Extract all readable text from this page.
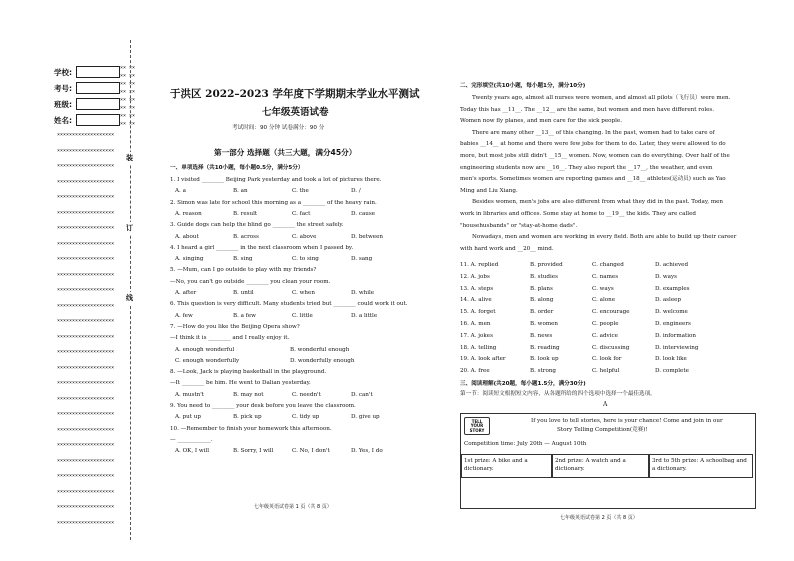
学校:
考号:
班级:
姓名:
×× ××
×× ××
×× ××
×× ××
×× ××
×× ××
×× ××
×× ××
装
订
线
×××××××××××××××××××
×××××××××××××××××××
×××××××××××××××××××
×××××××××××××××××××
×××××××××××××××××××
×××××××××××××××××××
×××××××××××××××××××
×××××××××××××××××××
×××××××××××××××××××
×××××××××××××××××××
×××××××××××××××××××
×××××××××××××××××××
×××××××××××××××××××
×××××××××××××××××××
×××××××××××××××××××
×××××××××××××××××××
×××××××××××××××××××
×××××××××××××××××××
×××××××××××××××××××
×××××××××××××××××××
×××××××××××××××××××
×××××××××××××××××××
×××××××××××××××××××
×××××××××××××××××××
×××××××××××××××××××
×××××××××××××××××××
于洪区 2022–2023 学年度下学期期末学业水平测试
七年级英语试卷
考试时间：90 分钟 试卷满分：90 分
第一部分 选择题（共三大题，满分45分）
一、单项选择（共10小题，每小题0.5分，满分5分）
1. I visited ________ Beijing Park yesterday and took a lot of pictures there.
A. a	B. an	C. the	D. /
2. Simon was late for school this morning as a ________ of the heavy rain.
A. reason	B. result	C. fact	D. cause
3. Guide dogs can help the blind go ________ the street safely.
A. about	B. across	C. above	D. between
4. I heard a girl ________ in the next classroom when I passed by.
A. singing	B. sing	C. to sing	D. sang
5. —Mum, can I go outside to play with my friends?
—No, you can't go outside ________ you clean your room.
A. after	B. until	C. when	D. while
6. This question is very difficult. Many students tried but ________ could work it out.
A. few	B. a few	C. little	D. a little
7. —How do you like the Beijing Opera show?
—I think it is ________ and I really enjoy it.
A. enough wonderful	B. wonderful enough
C. enough wonderfully	D. wonderfully enough
8. —Look, Jack is playing basketball in the playground.
—It ________ be him. He went to Dalian yesterday.
A. mustn't	B. may not	C. needn't	D. can't
9. You need to ________ your desk before you leave the classroom.
A. put up	B. pick up	C. tidy up	D. give up
10. —Remember to finish your homework this afternoon.
— ____________.
A. OK, I will	B. Sorry, I will	C. No, I don't	D. Yes, I do
七年级英语试卷第 1 页（共 8 页）
二、完形填空(共10小题，每小题1分，满分10分)
Twenty years ago, almost all nurses were women, and almost all pilots（飞行员）were men.
Today this has __11__. The __12__ are the same, but women and men have different roles.
Women now fly planes, and men care for the sick people.
There are many other __13__ of this changing. In the past, women had to take care of
babies __14__ at home and there were few jobs for them to do. Later, they were allowed to do
more, but most jobs still didn't __15__ women. Now, women can do everything. Over half of the
engineering students now are __16__. They also report the __17__, the weather, and even
men's sports. Sometimes women are reporting games and __18__ athletes(运动员) such as Yao
Ming and Liu Xiang.
Besides women, men's jobs are also different from what they did in the past. Today, men
work in libraries and offices. Some stay at home to __19__ the kids. They are called
"househusbands" or "stay-at-home dads".
Nowadays, men and women are working in every field. Both are able to build up their career
with hard work and __20__ mind.
11. A. replied	B. provided	C. changed	D. achieved
12. A. jobs	B. studies	C. names	D. ways
13. A. steps	B. plans	C. ways	D. examples
14. A. alive	B. along	C. alone	D. asleep
15. A. forget	B. order	C. encourage	D. welcome
16. A. men	B. women	C. people	D. engineers
17. A. jokes	B. news	C. advice	D. information
18. A. telling	B. reading	C. discussing	D. interviewing
19. A. look after	B. look up	C. look for	D. look like
20. A. free	B. strong	C. helpful	D. complete
三、阅读理解(共20题，每小题1.5分，满分30分)
第一节：阅读短文根据短文内容，从各题所给的四个选项中选择一个最佳选项。
A
TELL YOUR STORY
If you love to tell stories, here is your chance! Come and join in our
Story Telling Competition(竞赛)!
Competition time: July 20th — August 10th
1st prize: A bike and a dictionary.
2nd prize: A watch and a dictionary.
3rd to 5th prize: A schoolbag and a dictionary.
七年级英语试卷第 2 页（共 8 页）
